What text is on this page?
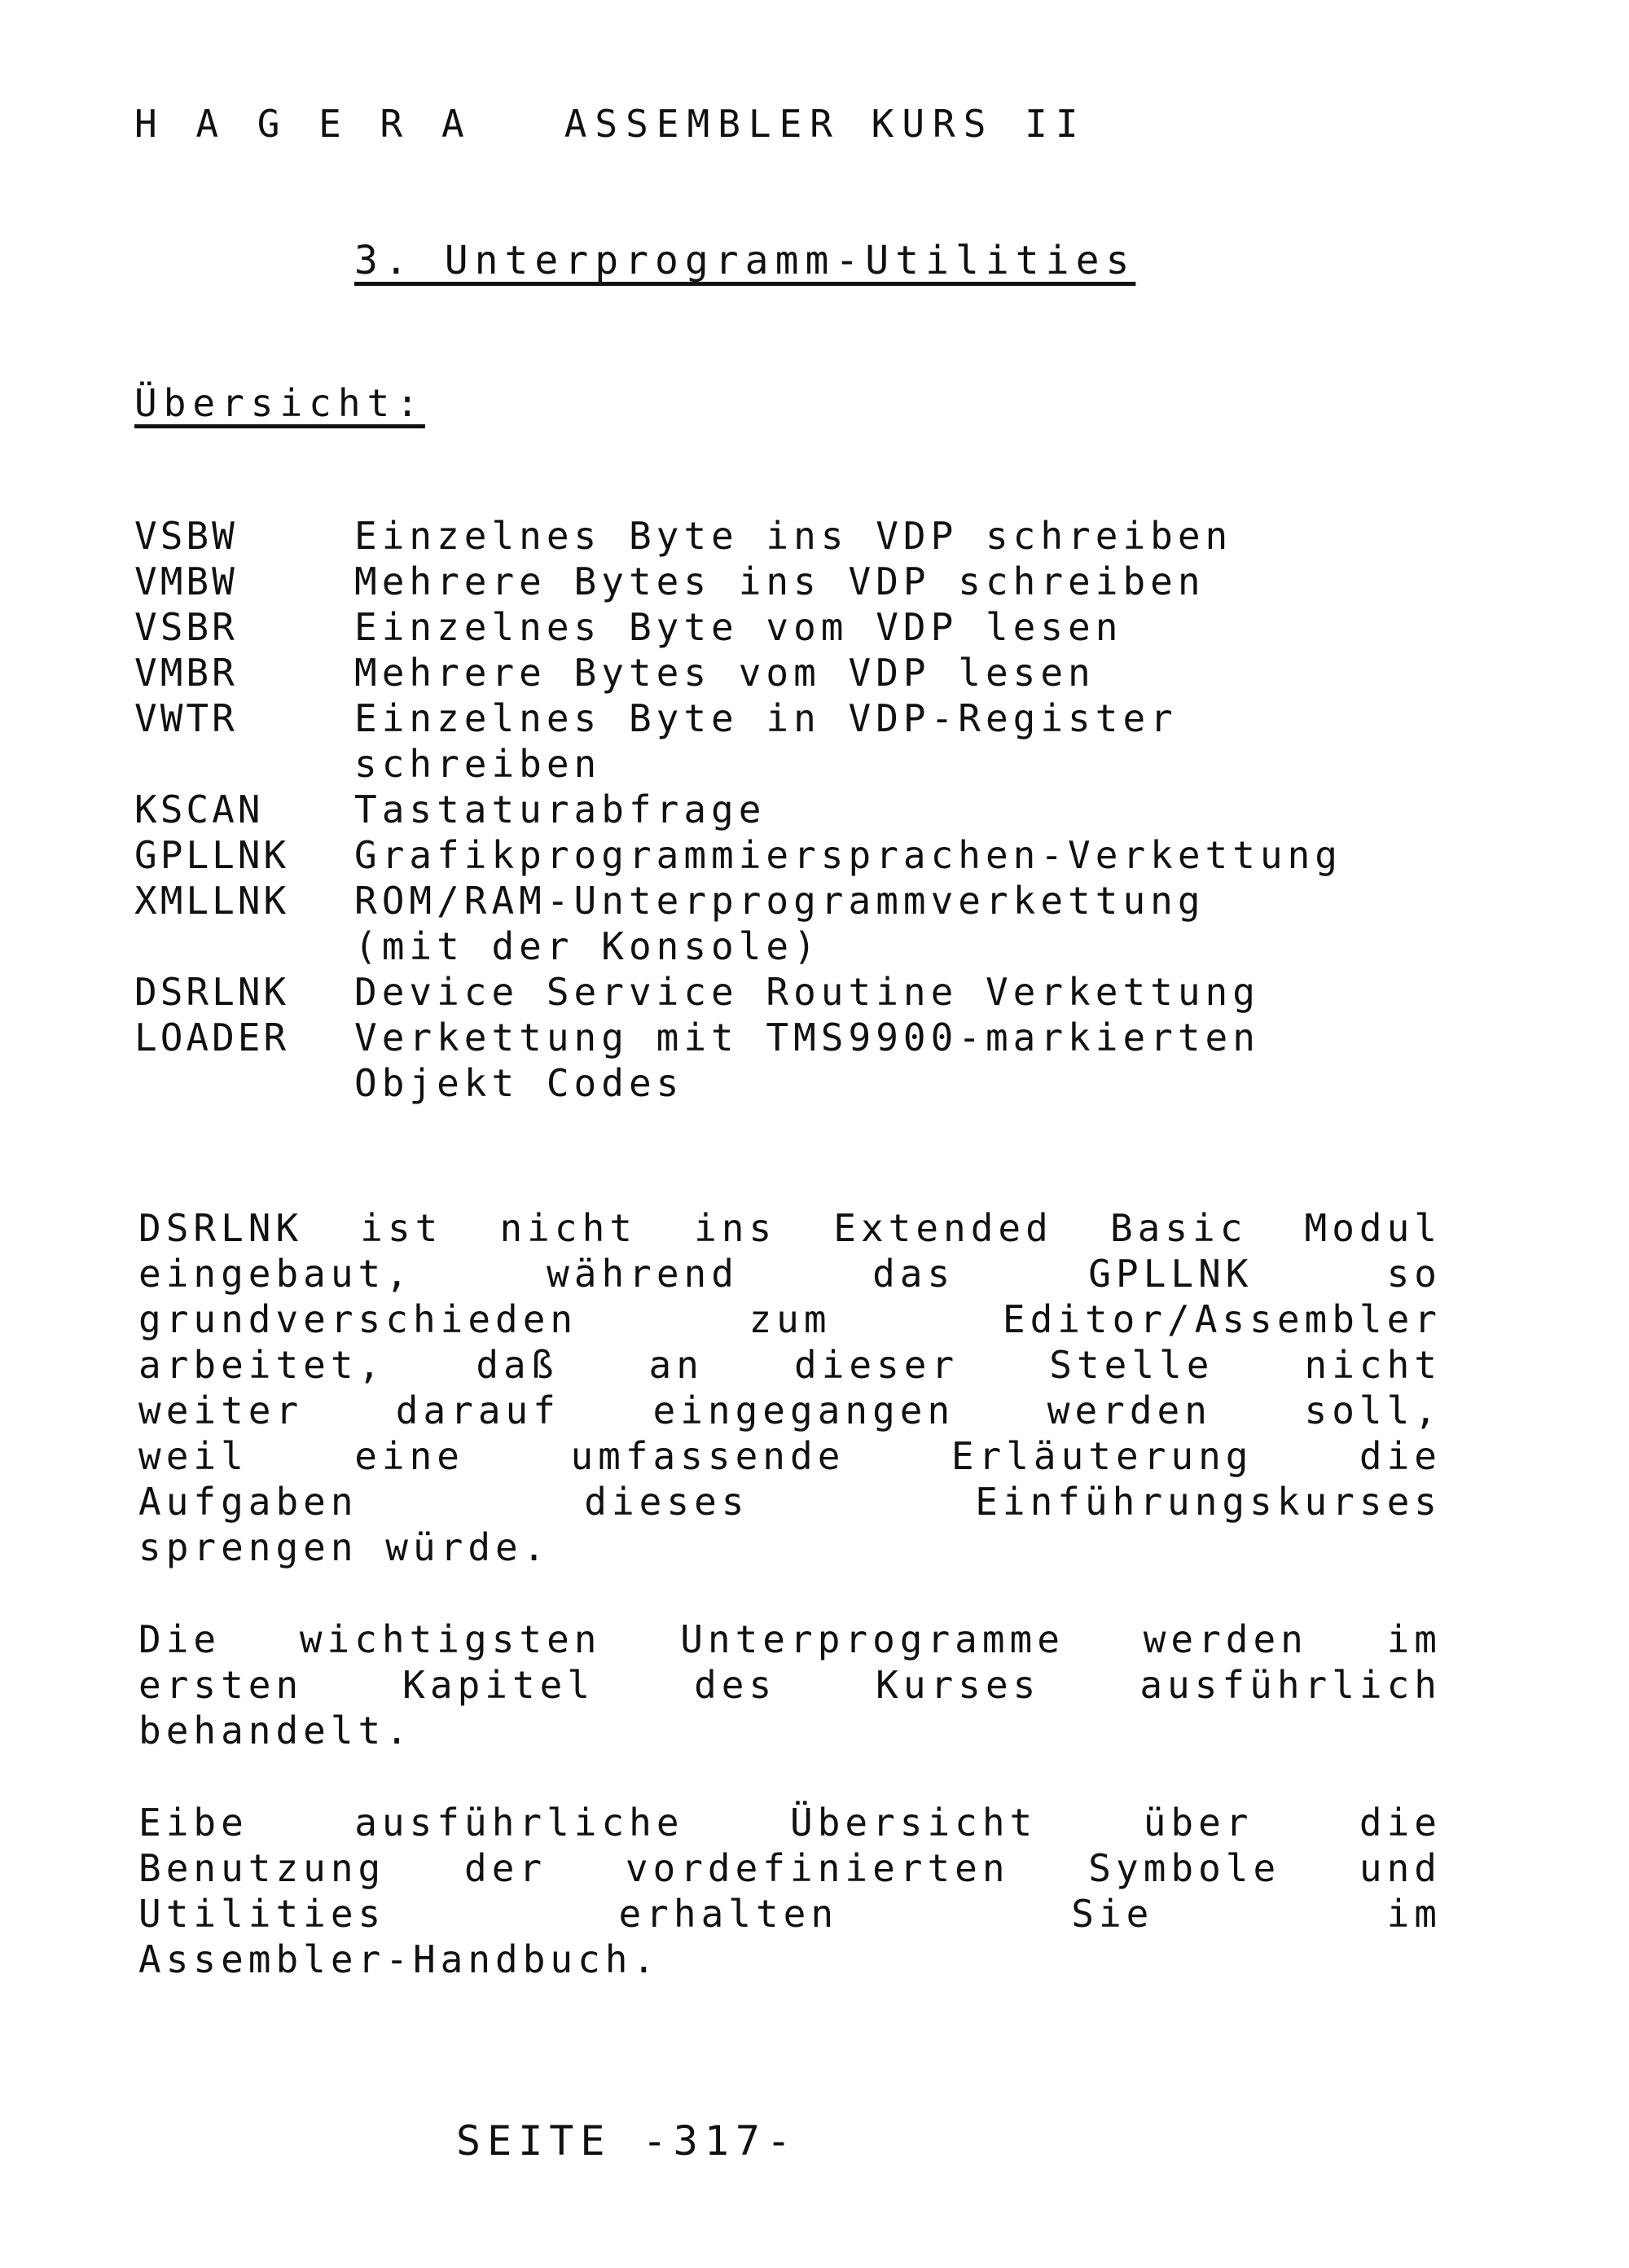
H A G E R A   ASSEMBLER KURS II
3. Unterprogramm-Utilities
Übersicht:
VSBW	Einzelnes Byte ins VDP schreiben
VMBW	Mehrere Bytes ins VDP schreiben
VSBR	Einzelnes Byte vom VDP lesen
VMBR	Mehrere Bytes vom VDP lesen
VWTR	Einzelnes Byte in VDP-Register
schreiben
KSCAN	Tastaturabfrage
GPLLNK	Grafikprogrammiersprachen-Verkettung
XMLLNK	ROM/RAM-Unterprogrammverkettung
(mit der Konsole)
DSRLNK	Device Service Routine Verkettung
LOADER	Verkettung mit TMS9900-markierten
Objekt Codes
DSRLNK ist nicht ins Extended Basic Modul
eingebaut, während das GPLLNK so
grundverschieden zum Editor/Assembler
arbeitet, daß an dieser Stelle nicht
weiter darauf eingegangen werden soll,
weil eine umfassende Erläuterung die
Aufgaben dieses Einführungskurses
sprengen würde.
Die wichtigsten Unterprogramme werden im
ersten Kapitel des Kurses ausführlich
behandelt.
Eibe ausführliche Übersicht über die
Benutzung der vordefinierten Symbole und
Utilities erhalten Sie im
Assembler-Handbuch.
SEITE -317-
